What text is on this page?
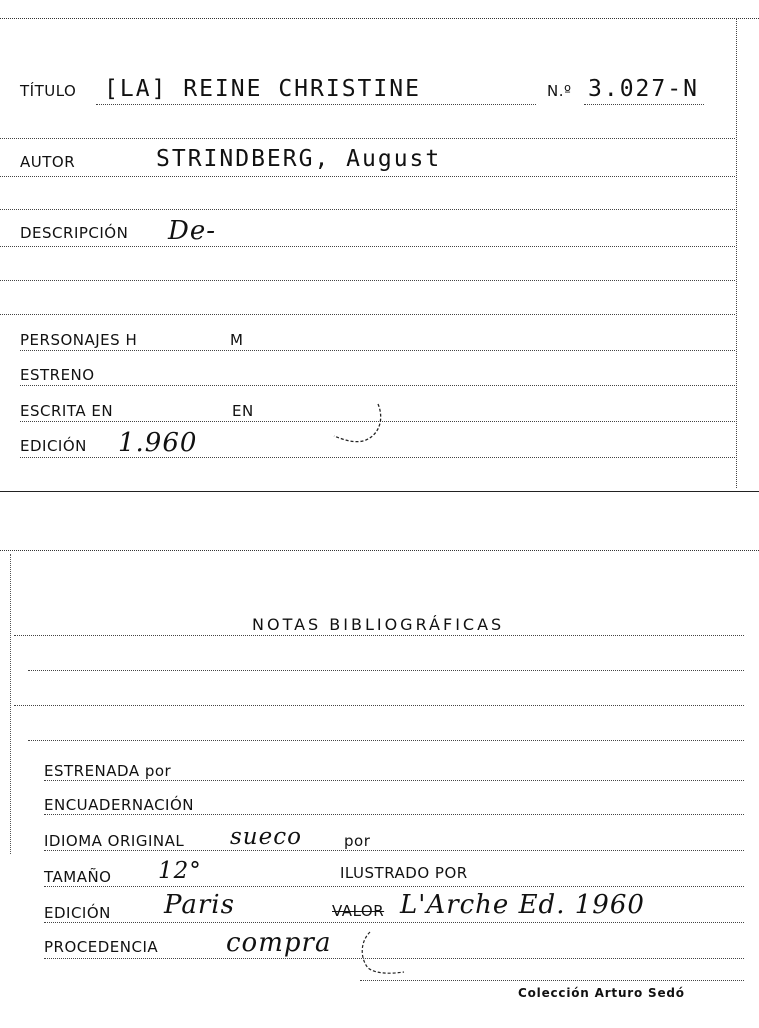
TÍTULO [LA] REINE CHRISTINE	N.º 3.027-N
AUTOR	STRINDBERG, August
DESCRIPCIÓN De-
PERSONAJES H	M
ESTRENO
ESCRITA EN	EN
EDICIÓN 1.960
NOTAS BIBLIOGRÁFICAS
ESTRENADA por
ENCUADERNACIÓN
IDIOMA ORIGINAL sueco	por
TAMAÑO 12°	ILUSTRADO POR
EDICIÓN Paris	VALOR L'Arche Ed. 1960
PROCEDENCIA	compra
Colección Arturo Sedó
